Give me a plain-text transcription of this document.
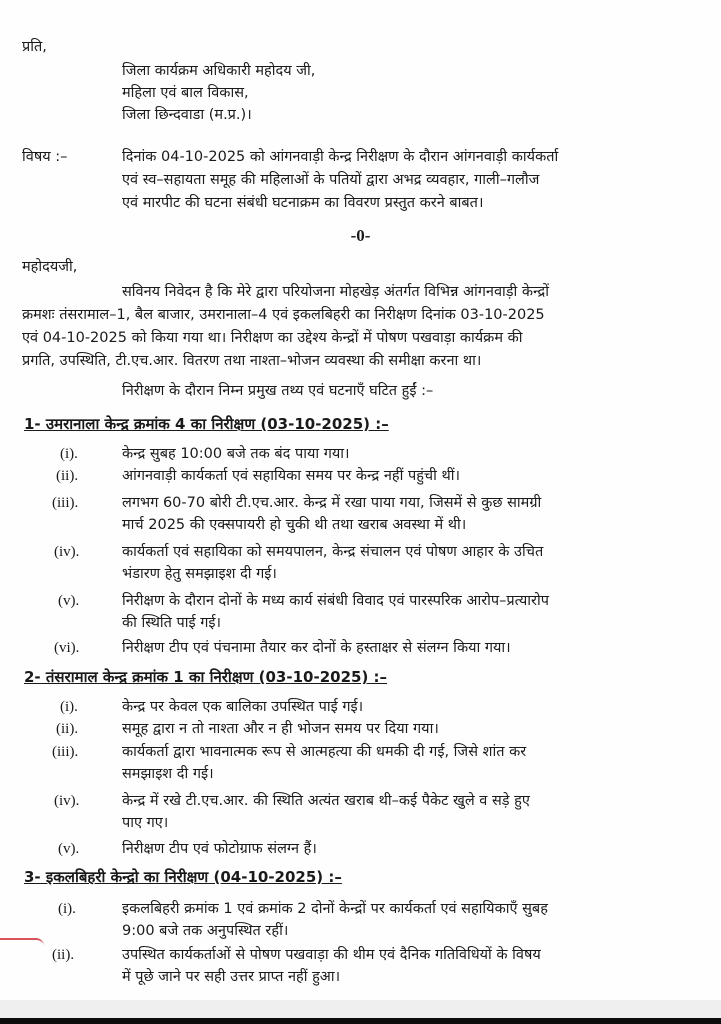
प्रति,
जिला कार्यक्रम अधिकारी महोदय जी,
महिला एवं बाल विकास,
जिला छिन्दवाडा (म.प्र.)।
विषय :–	दिनांक 04-10-2025 को आंगनवाड़ी केन्द्र निरीक्षण के दौरान आंगनवाड़ी कार्यकर्ता
एवं स्व–सहायता समूह की महिलाओं के पतियों द्वारा अभद्र व्यवहार, गाली–गलौज
एवं मारपीट की घटना संबंधी घटनाक्रम का विवरण प्रस्तुत करने बाबत।
-0-
महोदयजी,
सविनय निवेदन है कि मेरे द्वारा परियोजना मोहखेड़ अंतर्गत विभिन्न आंगनवाड़ी केन्द्रों
क्रमशः तंसरामाल–1, बैल बाजार, उमरानाला–4 एवं इकलबिहरी का निरीक्षण दिनांक 03-10-2025
एवं 04-10-2025 को किया गया था। निरीक्षण का उद्देश्य केन्द्रों में पोषण पखवाड़ा कार्यक्रम की
प्रगति, उपस्थिति, टी.एच.आर. वितरण तथा नाश्ता–भोजन व्यवस्था की समीक्षा करना था।
निरीक्षण के दौरान निम्न प्रमुख तथ्य एवं घटनाएँ घटित हुईं :–
1- उमरानाला केन्द्र क्रमांक 4 का निरीक्षण (03-10-2025) :–
(i).	केन्द्र सुबह 10:00 बजे तक बंद पाया गया।
(ii).	आंगनवाड़ी कार्यकर्ता एवं सहायिका समय पर केन्द्र नहीं पहुंची थीं।
(iii).	लगभग 60-70 बोरी टी.एच.आर. केन्द्र में रखा पाया गया, जिसमें से कुछ सामग्री
मार्च 2025 की एक्सपायरी हो चुकी थी तथा खराब अवस्था में थी।
(iv).	कार्यकर्ता एवं सहायिका को समयपालन, केन्द्र संचालन एवं पोषण आहार के उचित
भंडारण हेतु समझाइश दी गई।
(v).	निरीक्षण के दौरान दोनों के मध्य कार्य संबंधी विवाद एवं पारस्परिक आरोप–प्रत्यारोप
की स्थिति पाई गई।
(vi).	निरीक्षण टीप एवं पंचनामा तैयार कर दोनों के हस्ताक्षर से संलग्न किया गया।
2- तंसरामाल केन्द्र क्रमांक 1 का निरीक्षण (03-10-2025) :–
(i).	केन्द्र पर केवल एक बालिका उपस्थित पाई गई।
(ii).	समूह द्वारा न तो नाश्ता और न ही भोजन समय पर दिया गया।
(iii).	कार्यकर्ता द्वारा भावनात्मक रूप से आत्महत्या की धमकी दी गई, जिसे शांत कर
समझाइश दी गई।
(iv).	केन्द्र में रखे टी.एच.आर. की स्थिति अत्यंत खराब थी–कई पैकेट खुले व सड़े हुए
पाए गए।
(v).	निरीक्षण टीप एवं फोटोग्राफ संलग्न हैं।
3- इकलबिहरी केन्द्रो का निरीक्षण (04-10-2025) :–
(i).	इकलबिहरी क्रमांक 1 एवं क्रमांक 2 दोनों केन्द्रों पर कार्यकर्ता एवं सहायिकाएँ सुबह
9:00 बजे तक अनुपस्थित रहीं।
(ii).	उपस्थित कार्यकर्ताओं से पोषण पखवाड़ा की थीम एवं दैनिक गतिविधियों के विषय
में पूछे जाने पर सही उत्तर प्राप्त नहीं हुआ।
